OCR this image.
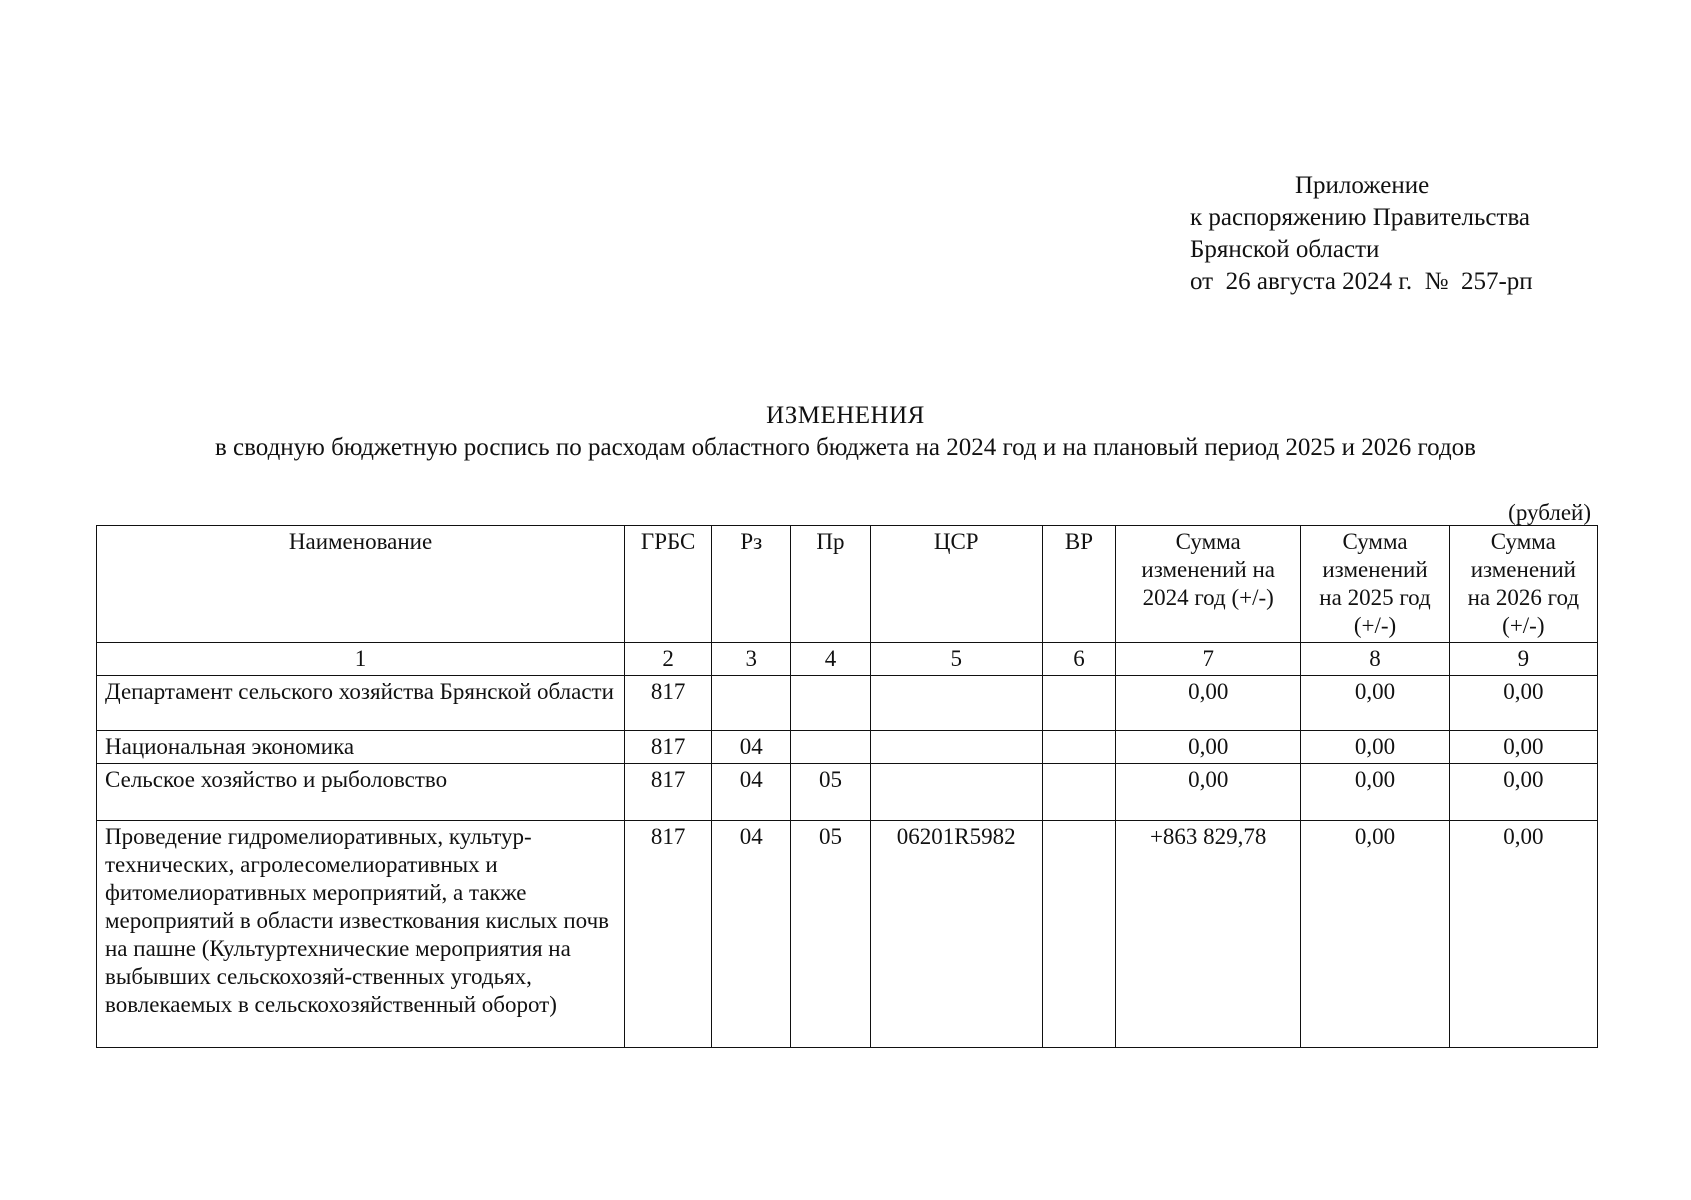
Приложение
к распоряжению Правительства
Брянской области
от  26 августа 2024 г.  №  257-рп
ИЗМЕНЕНИЯ
в сводную бюджетную роспись по расходам областного бюджета на 2024 год и на плановый период 2025 и 2026 годов
(рублей)
Наименование	ГРБС	Рз	Пр	ЦСР	ВР	Сумма изменений на 2024 год (+/-)	Сумма изменений на 2025 год (+/-)	Сумма изменений на 2026 год (+/-)
1	2	3	4	5	6	7	8	9
Департамент сельского хозяйства Брянской области	817					0,00	0,00	0,00
Национальная экономика	817	04				0,00	0,00	0,00
Сельское хозяйство и рыболовство	817	04	05			0,00	0,00	0,00
Проведение гидромелиоративных, культур-технических, агролесомелиоративных и фитомелиоративных мероприятий, а также мероприятий в области известкования кислых почв на пашне (Культуртехнические мероприятия на выбывших сельскохозяй-ственных угодьях, вовлекаемых в сельскохозяйственный оборот)	817	04	05	06201R5982		+863 829,78	0,00	0,00
